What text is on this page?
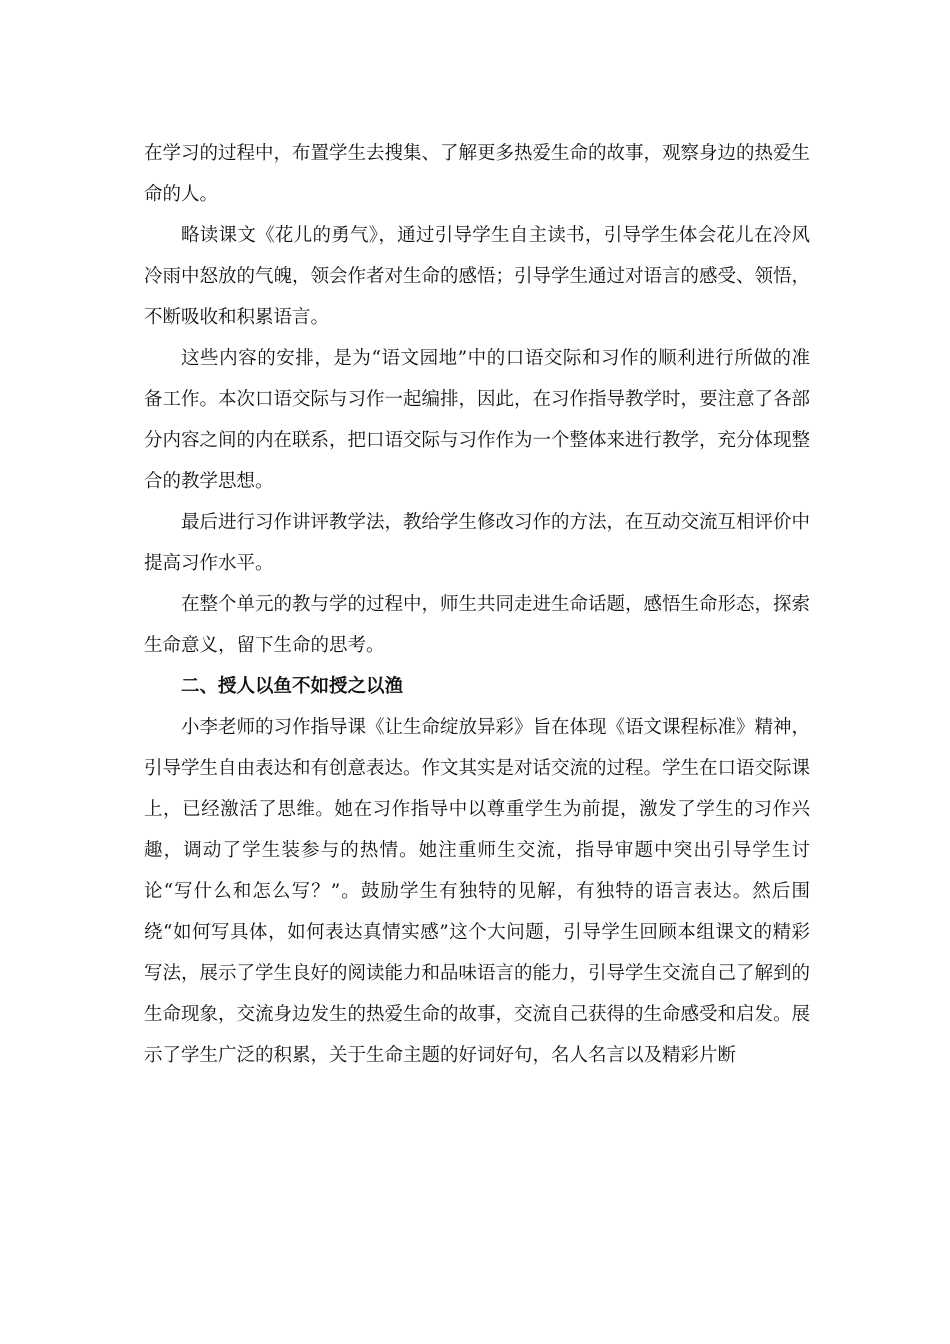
在学习的过程中，布置学生去搜集、了解更多热爱生命的故事，观察身边的热爱生命的人。

略读课文《花儿的勇气》，通过引导学生自主读书，引导学生体会花儿在冷风冷雨中怒放的气魄，领会作者对生命的感悟；引导学生通过对语言的感受、领悟，不断吸收和积累语言。

这些内容的安排，是为“语文园地”中的口语交际和习作的顺利进行所做的准备工作。本次口语交际与习作一起编排，因此，在习作指导教学时，要注意了各部分内容之间的内在联系，把口语交际与习作作为一个整体来进行教学，充分体现整合的教学思想。

最后进行习作讲评教学法，教给学生修改习作的方法，在互动交流互相评价中提高习作水平。

在整个单元的教与学的过程中，师生共同走进生命话题，感悟生命形态，探索生命意义，留下生命的思考。

二、授人以鱼不如授之以渔

小李老师的习作指导课《让生命绽放异彩》旨在体现《语文课程标准》精神，引导学生自由表达和有创意表达。作文其实是对话交流的过程。学生在口语交际课上，已经激活了思维。她在习作指导中以尊重学生为前提，激发了学生的习作兴趣，调动了学生装参与的热情。她注重师生交流，指导审题中突出引导学生讨论“写什么和怎么写？”。鼓励学生有独特的见解，有独特的语言表达。然后围绕“如何写具体，如何表达真情实感”这个大问题，引导学生回顾本组课文的精彩写法，展示了学生良好的阅读能力和品味语言的能力，引导学生交流自己了解到的生命现象，交流身边发生的热爱生命的故事，交流自己获得的生命感受和启发。展示了学生广泛的积累，关于生命主题的好词好句，名人名言以及精彩片断
